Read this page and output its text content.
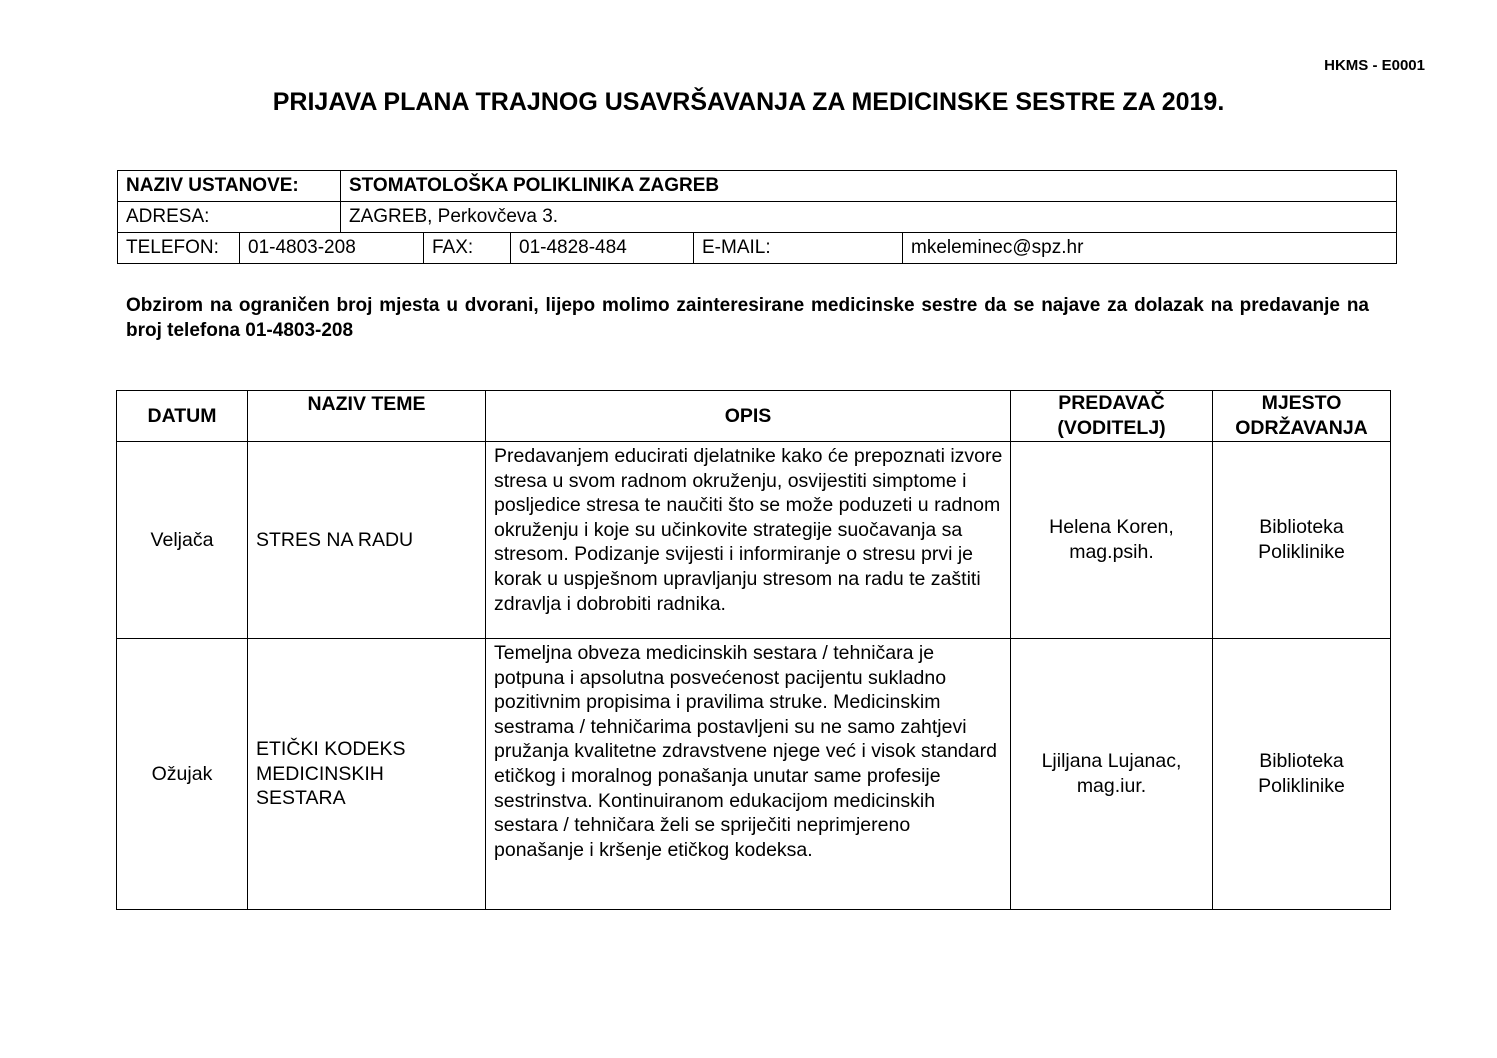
HKMS - E0001
PRIJAVA PLANA TRAJNOG USAVRŠAVANJA ZA MEDICINSKE SESTRE ZA 2019.
NAZIV USTANOVE:		STOMATOLOŠKA POLIKLINIKA ZAGREB				
ADRESA:		ZAGREB, Perkovčeva 3.				
TELEFON:	01-4803-208		FAX:	01-4828-484	E-MAIL:	mkeleminec@spz.hr
Obzirom na ograničen broj mjesta u dvorani, lijepo molimo zainteresirane medicinske sestre da se najave za dolazak na predavanje na broj telefona 01-4803-208
DATUM	NAZIV TEME	OPIS	PREDAVAČ (VODITELJ)	MJESTO ODRŽAVANJA
Veljača	STRES NA RADU	Predavanjem educirati djelatnike kako će prepoznati izvore stresa u svom radnom okruženju, osvijestiti simptome i posljedice stresa te naučiti što se može poduzeti u radnom okruženju i koje su učinkovite strategije suočavanja sa stresom. Podizanje svijesti i informiranje o stresu prvi je korak u uspješnom upravljanju stresom na radu te zaštiti zdravlja i dobrobiti radnika.	Helena Koren, mag.psih.	Biblioteka Poliklinike
Ožujak	ETIČKI KODEKS MEDICINSKIH SESTARA	Temeljna obveza medicinskih sestara / tehničara je potpuna i apsolutna posvećenost pacijentu sukladno pozitivnim propisima i pravilima struke. Medicinskim sestrama / tehničarima postavljeni su ne samo zahtjevi pružanja kvalitetne zdravstvene njege već i visok standard etičkog i moralnog ponašanja unutar same profesije sestrinstva. Kontinuiranom edukacijom medicinskih sestara / tehničara želi se spriječiti neprimjereno ponašanje i kršenje etičkog kodeksa.	Ljiljana Lujanac, mag.iur.	Biblioteka Poliklinike
